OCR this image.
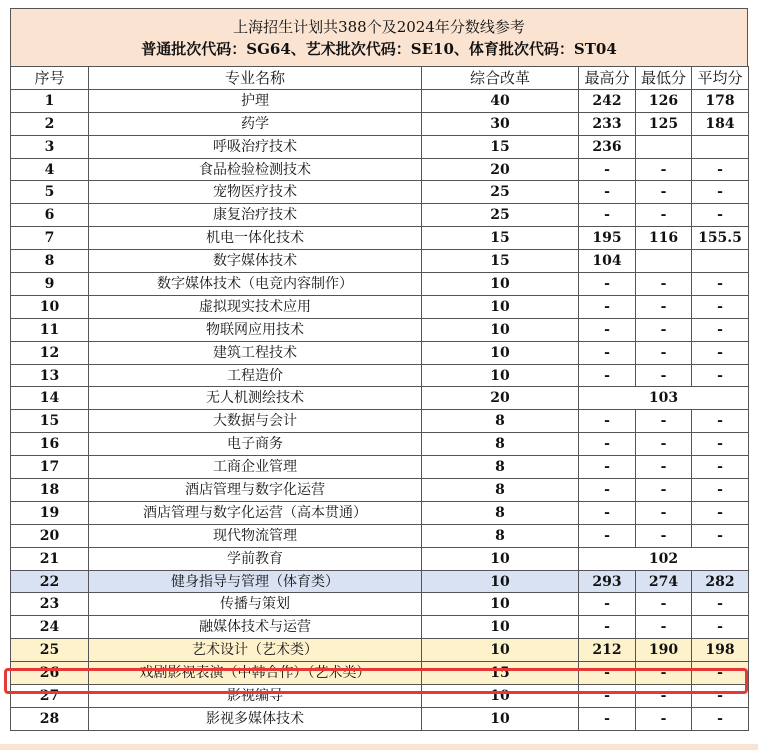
上海招生计划共388个及2024年分数线参考
普通批次代码：SG64、艺术批次代码：SE10、体育批次代码：ST04
序号	专业名称	综合改革	最高分	最低分	平均分
1	护理	40	242	126	178
2	药学	30	233	125	184
3	呼吸治疗技术	15	236		
4	食品检验检测技术	20	-	-	-
5	宠物医疗技术	25	-	-	-
6	康复治疗技术	25	-	-	-
7	机电一体化技术	15	195	116	155.5
8	数字媒体技术	15	104		
9	数字媒体技术（电竞内容制作）	10	-	-	-
10	虚拟现实技术应用	10	-	-	-
11	物联网应用技术	10	-	-	-
12	建筑工程技术	10	-	-	-
13	工程造价	10	-	-	-
14	无人机测绘技术	20	103		
15	大数据与会计	8	-	-	-
16	电子商务	8	-	-	-
17	工商企业管理	8	-	-	-
18	酒店管理与数字化运营	8	-	-	-
19	酒店管理与数字化运营（高本贯通）	8	-	-	-
20	现代物流管理	8	-	-	-
21	学前教育	10	102		
22	健身指导与管理（体育类）	10	293	274	282
23	传播与策划	10	-	-	-
24	融媒体技术与运营	10	-	-	-
25	艺术设计（艺术类）	10	212	190	198
26	戏剧影视表演（中韩合作）（艺术类）	15	-	-	-
27	影视编导	10	-	-	-
28	影视多媒体技术	10	-	-	-
